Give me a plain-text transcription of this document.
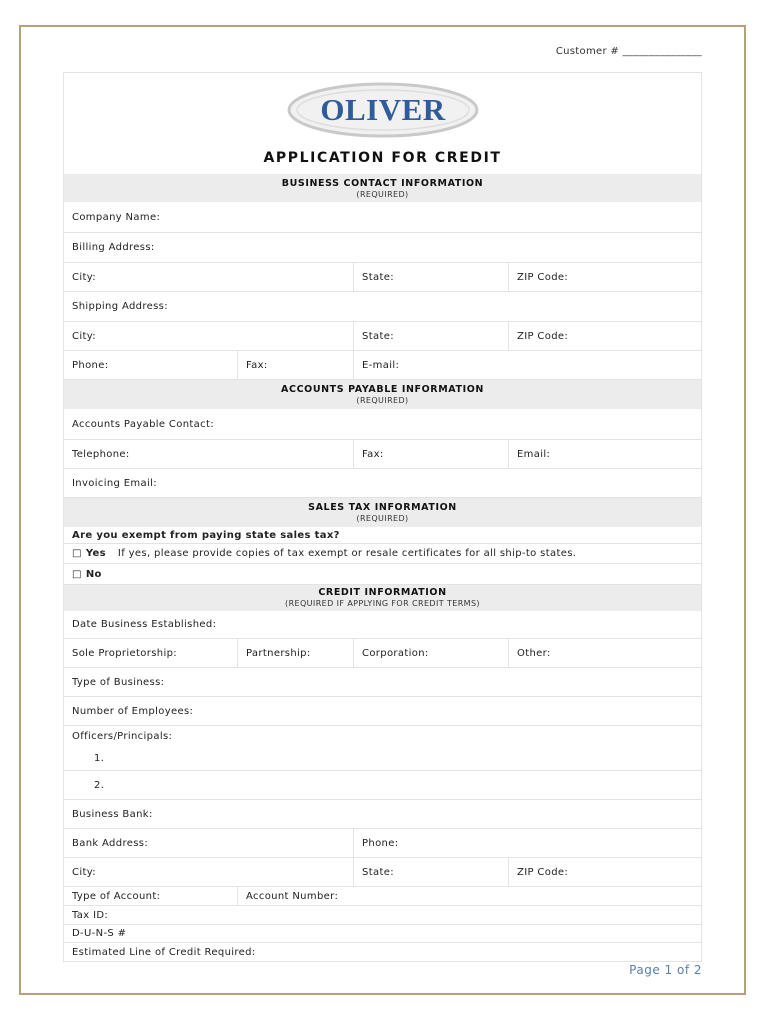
Customer # _______________
OLIVER
APPLICATION FOR CREDIT
BUSINESS CONTACT INFORMATION
(REQUIRED)
Company Name:
Billing Address:
City:	State:	ZIP Code:
Shipping Address:
City:	State:	ZIP Code:
Phone:	Fax:	E-mail:
ACCOUNTS PAYABLE INFORMATION
(REQUIRED)
Accounts Payable Contact:
Telephone:	Fax:	Email:
Invoicing Email:
SALES TAX INFORMATION
(REQUIRED)
Are you exempt from paying state sales tax?
□ Yes If yes, please provide copies of tax exempt or resale certificates for all ship-to states.
□ No
CREDIT INFORMATION
(REQUIRED IF APPLYING FOR CREDIT TERMS)
Date Business Established:
Sole Proprietorship:	Partnership:	Corporation:	Other:
Type of Business:
Number of Employees:
Officers/Principals:
1.
2.
Business Bank:
Bank Address:	Phone:
City:	State:	ZIP Code:
Type of Account:	Account Number:
Tax ID:
D-U-N-S #
Estimated Line of Credit Required:
Page 1 of 2
